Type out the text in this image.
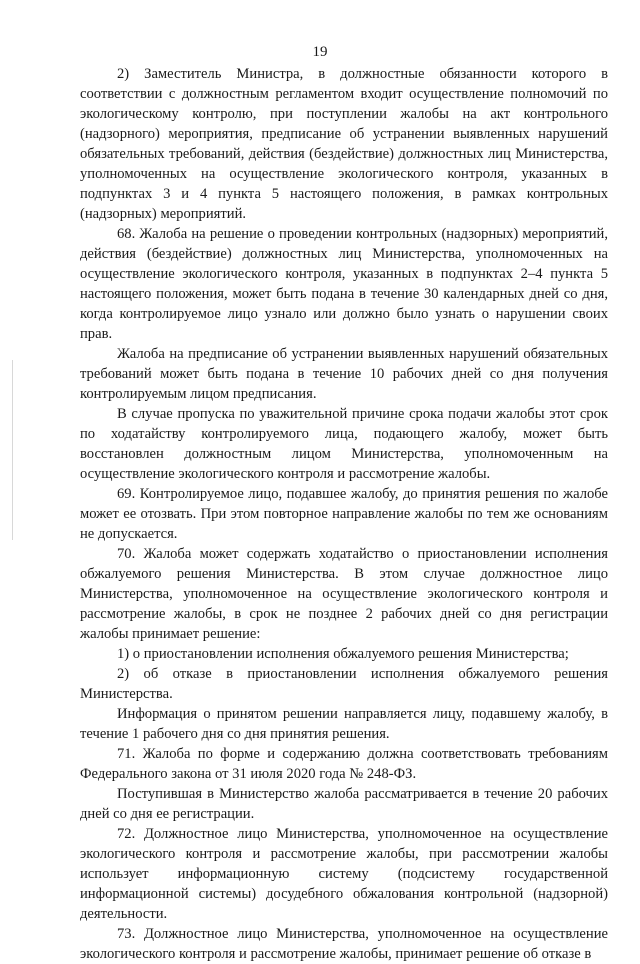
19

2) Заместитель Министра, в должностные обязанности которого в соответствии с должностным регламентом входит осуществление полномочий по экологическому контролю, при поступлении жалобы на акт контрольного (надзорного) мероприятия, предписание об устранении выявленных нарушений обязательных требований, действия (бездействие) должностных лиц Министерства, уполномоченных на осуществление экологического контроля, указанных в подпунктах 3 и 4 пункта 5 настоящего положения, в рамках контрольных (надзорных) мероприятий.

68. Жалоба на решение о проведении контрольных (надзорных) мероприятий, действия (бездействие) должностных лиц Министерства, уполномоченных на осуществление экологического контроля, указанных в подпунктах 2–4 пункта 5 настоящего положения, может быть подана в течение 30 календарных дней со дня, когда контролируемое лицо узнало или должно было узнать о нарушении своих прав.

Жалоба на предписание об устранении выявленных нарушений обязательных требований может быть подана в течение 10 рабочих дней со дня получения контролируемым лицом предписания.

В случае пропуска по уважительной причине срока подачи жалобы этот срок по ходатайству контролируемого лица, подающего жалобу, может быть восстановлен должностным лицом Министерства, уполномоченным на осуществление экологического контроля и рассмотрение жалобы.

69. Контролируемое лицо, подавшее жалобу, до принятия решения по жалобе может ее отозвать. При этом повторное направление жалобы по тем же основаниям не допускается.

70. Жалоба может содержать ходатайство о приостановлении исполнения обжалуемого решения Министерства. В этом случае должностное лицо Министерства, уполномоченное на осуществление экологического контроля и рассмотрение жалобы, в срок не позднее 2 рабочих дней со дня регистрации жалобы принимает решение:

1) о приостановлении исполнения обжалуемого решения Министерства;

2) об отказе в приостановлении исполнения обжалуемого решения Министерства.

Информация о принятом решении направляется лицу, подавшему жалобу, в течение 1 рабочего дня со дня принятия решения.

71. Жалоба по форме и содержанию должна соответствовать требованиям Федерального закона от 31 июля 2020 года № 248-ФЗ.

Поступившая в Министерство жалоба рассматривается в течение 20 рабочих дней со дня ее регистрации.

72. Должностное лицо Министерства, уполномоченное на осуществление экологического контроля и рассмотрение жалобы, при рассмотрении жалобы использует информационную систему (подсистему государственной информационной системы) досудебного обжалования контрольной (надзорной) деятельности.

73. Должностное лицо Министерства, уполномоченное на осуществление экологического контроля и рассмотрение жалобы, принимает решение об отказе в
